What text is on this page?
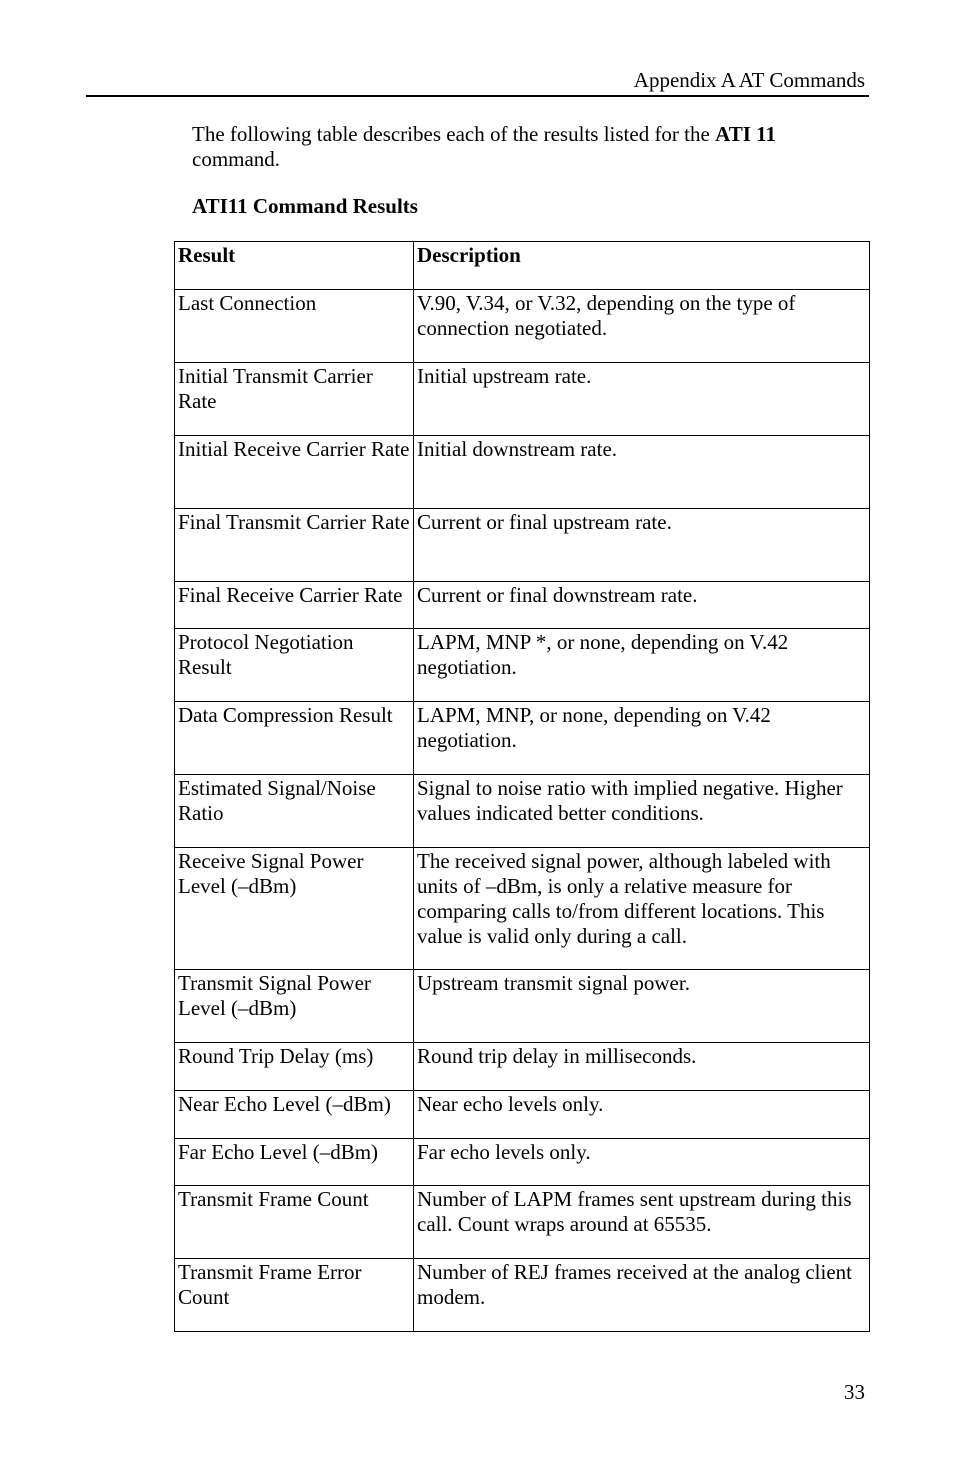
Appendix A AT Commands

The following table describes each of the results listed for the ATI 11 command.

ATI11 Command Results
Result	Description
Last Connection	V.90, V.34, or V.32, depending on the type of connection negotiated.
Initial Transmit Carrier Rate	Initial upstream rate.
Initial Receive Carrier Rate	Initial downstream rate.
Final Transmit Carrier Rate	Current or final upstream rate.
Final Receive Carrier Rate	Current or final downstream rate.
Protocol Negotiation Result	LAPM, MNP *, or none, depending on V.42 negotiation.
Data Compression Result	LAPM, MNP, or none, depending on V.42 negotiation.
Estimated Signal/Noise Ratio	Signal to noise ratio with implied negative. Higher values indicated better conditions.
Receive Signal Power Level (–dBm)	The received signal power, although labeled with units of –dBm, is only a relative measure for comparing calls to/from different locations. This value is valid only during a call.
Transmit Signal Power Level (–dBm)	Upstream transmit signal power.
Round Trip Delay (ms)	Round trip delay in milliseconds.
Near Echo Level (–dBm)	Near echo levels only.
Far Echo Level (–dBm)	Far echo levels only.
Transmit Frame Count	Number of LAPM frames sent upstream during this call. Count wraps around at 65535.
Transmit Frame Error Count	Number of REJ frames received at the analog client modem.
33
